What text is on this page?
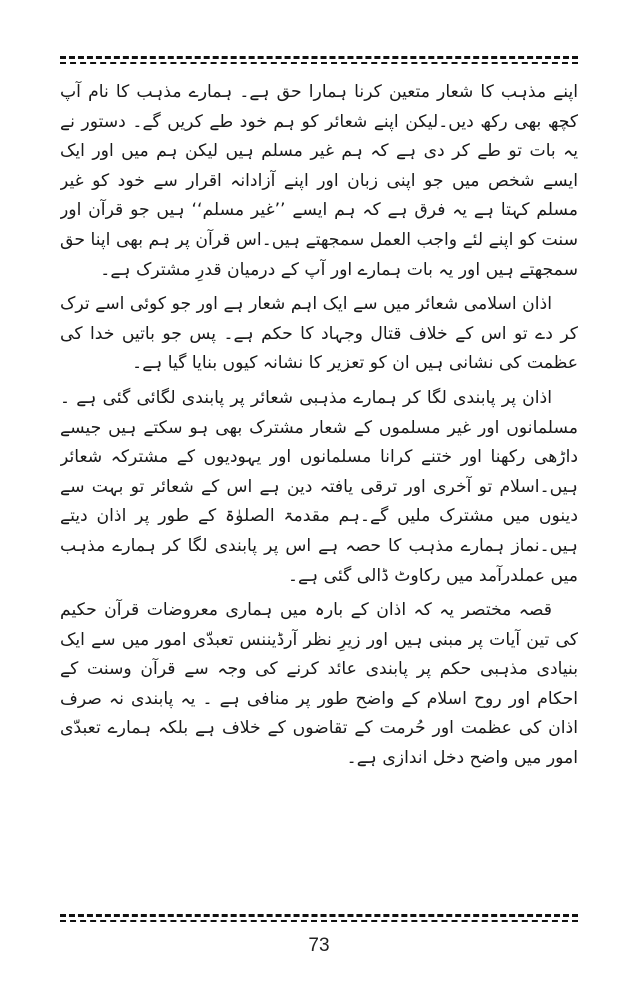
اپنے مذہب کا شعار متعین کرنا ہمارا حق ہے۔ ہمارے مذہب کا نام آپ کچھ بھی رکھ دیں۔لیکن اپنے شعائر کو ہم خود طے کریں گے۔ دستور نے یہ بات تو طے کر دی ہے کہ ہم غیر مسلم ہیں لیکن ہم میں اور ایک ایسے شخص میں جو اپنی زبان اور اپنے آزادانہ اقرار سے خود کو غیر مسلم کہتا ہے یہ فرق ہے کہ ہم ایسے ’’غیر مسلم‘‘ ہیں جو قرآن اور سنت کو اپنے لئے واجب العمل سمجھتے ہیں۔اس قرآن پر ہم بھی اپنا حق سمجھتے ہیں اور یہ بات ہمارے اور آپ کے درمیان قدرِ مشترک ہے۔

اذان اسلامی شعائر میں سے ایک اہم شعار ہے اور جو کوئی اسے ترک کر دے تو اس کے خلاف قتال وجہاد کا حکم ہے۔ پس جو باتیں خدا کی عظمت کی نشانی ہیں ان کو تعزیر کا نشانہ کیوں بنایا گیا ہے۔

اذان پر پابندی لگا کر ہمارے مذہبی شعائر پر پابندی لگائی گئی ہے ۔مسلمانوں اور غیر مسلموں کے شعار مشترک بھی ہو سکتے ہیں جیسے داڑھی رکھنا اور ختنے کرانا مسلمانوں اور یہودیوں کے مشترکہ شعائر ہیں۔اسلام تو آخری اور ترقی یافتہ دین ہے اس کے شعائر تو بہت سے دینوں میں مشترک ملیں گے۔ہم مقدمۃ الصلوٰۃ کے طور پر اذان دیتے ہیں۔نماز ہمارے مذہب کا حصہ ہے اس پر پابندی لگا کر ہمارے مذہب میں عملدرآمد میں رکاوٹ ڈالی گئی ہے۔

قصہ مختصر یہ کہ اذان کے بارہ میں ہماری معروضات قرآن حکیم کی تین آیات پر مبنی ہیں اور زیرِ نظر آرڈیننس تعبدّی امور میں سے ایک بنیادی مذہبی حکم پر پابندی عائد کرنے کی وجہ سے قرآن وسنت کے احکام اور روح اسلام کے واضح طور پر منافی ہے ۔ یہ پابندی نہ صرف اذان کی عظمت اور حُرمت کے تقاضوں کے خلاف ہے بلکہ ہمارے تعبدّی امور میں واضح دخل اندازی ہے۔

73
